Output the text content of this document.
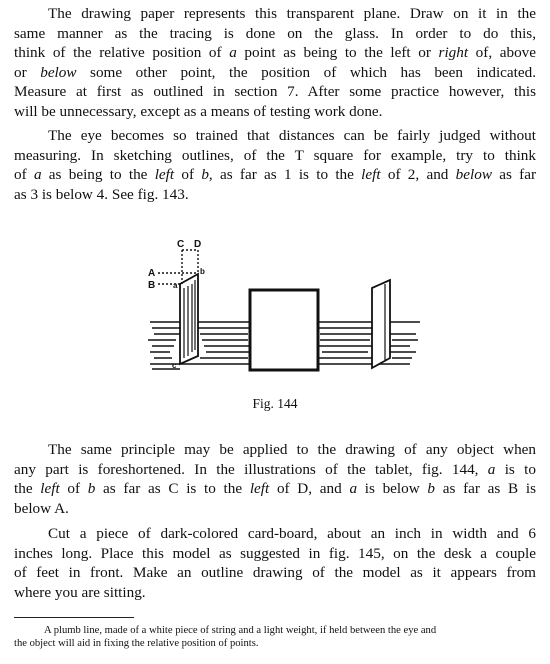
The drawing paper represents this transparent plane. Draw on it in the
same manner as the tracing is done on the glass. In order to do this,
think of the relative position of a point as being to the left or right of, above
or below some other point, the position of which has been indicated.
Measure at first as outlined in section 7. After some practice however, this
will be unnecessary, except as a means of testing work done.
The eye becomes so trained that distances can be fairly judged without
measuring. In sketching outlines, of the T square for example, try to think
of a as being to the left of b, as far as 1 is to the left of 2, and below as far
as 3 is below 4. See fig. 143.
C D
A
B a
b
c
Fig. 144
The same principle may be applied to the drawing of any object when
any part is foreshortened. In the illustrations of the tablet, fig. 144, a is to
the left of b as far as C is to the left of D, and a is below b as far as B is
below A.
Cut a piece of dark-colored card-board, about an inch in width and 6
inches long. Place this model as suggested in fig. 145, on the desk a couple
of feet in front. Make an outline drawing of the model as it appears from
where you are sitting.
A plumb line, made of a white piece of string and a light weight, if held between the eye and
the object will aid in fixing the relative position of points.
